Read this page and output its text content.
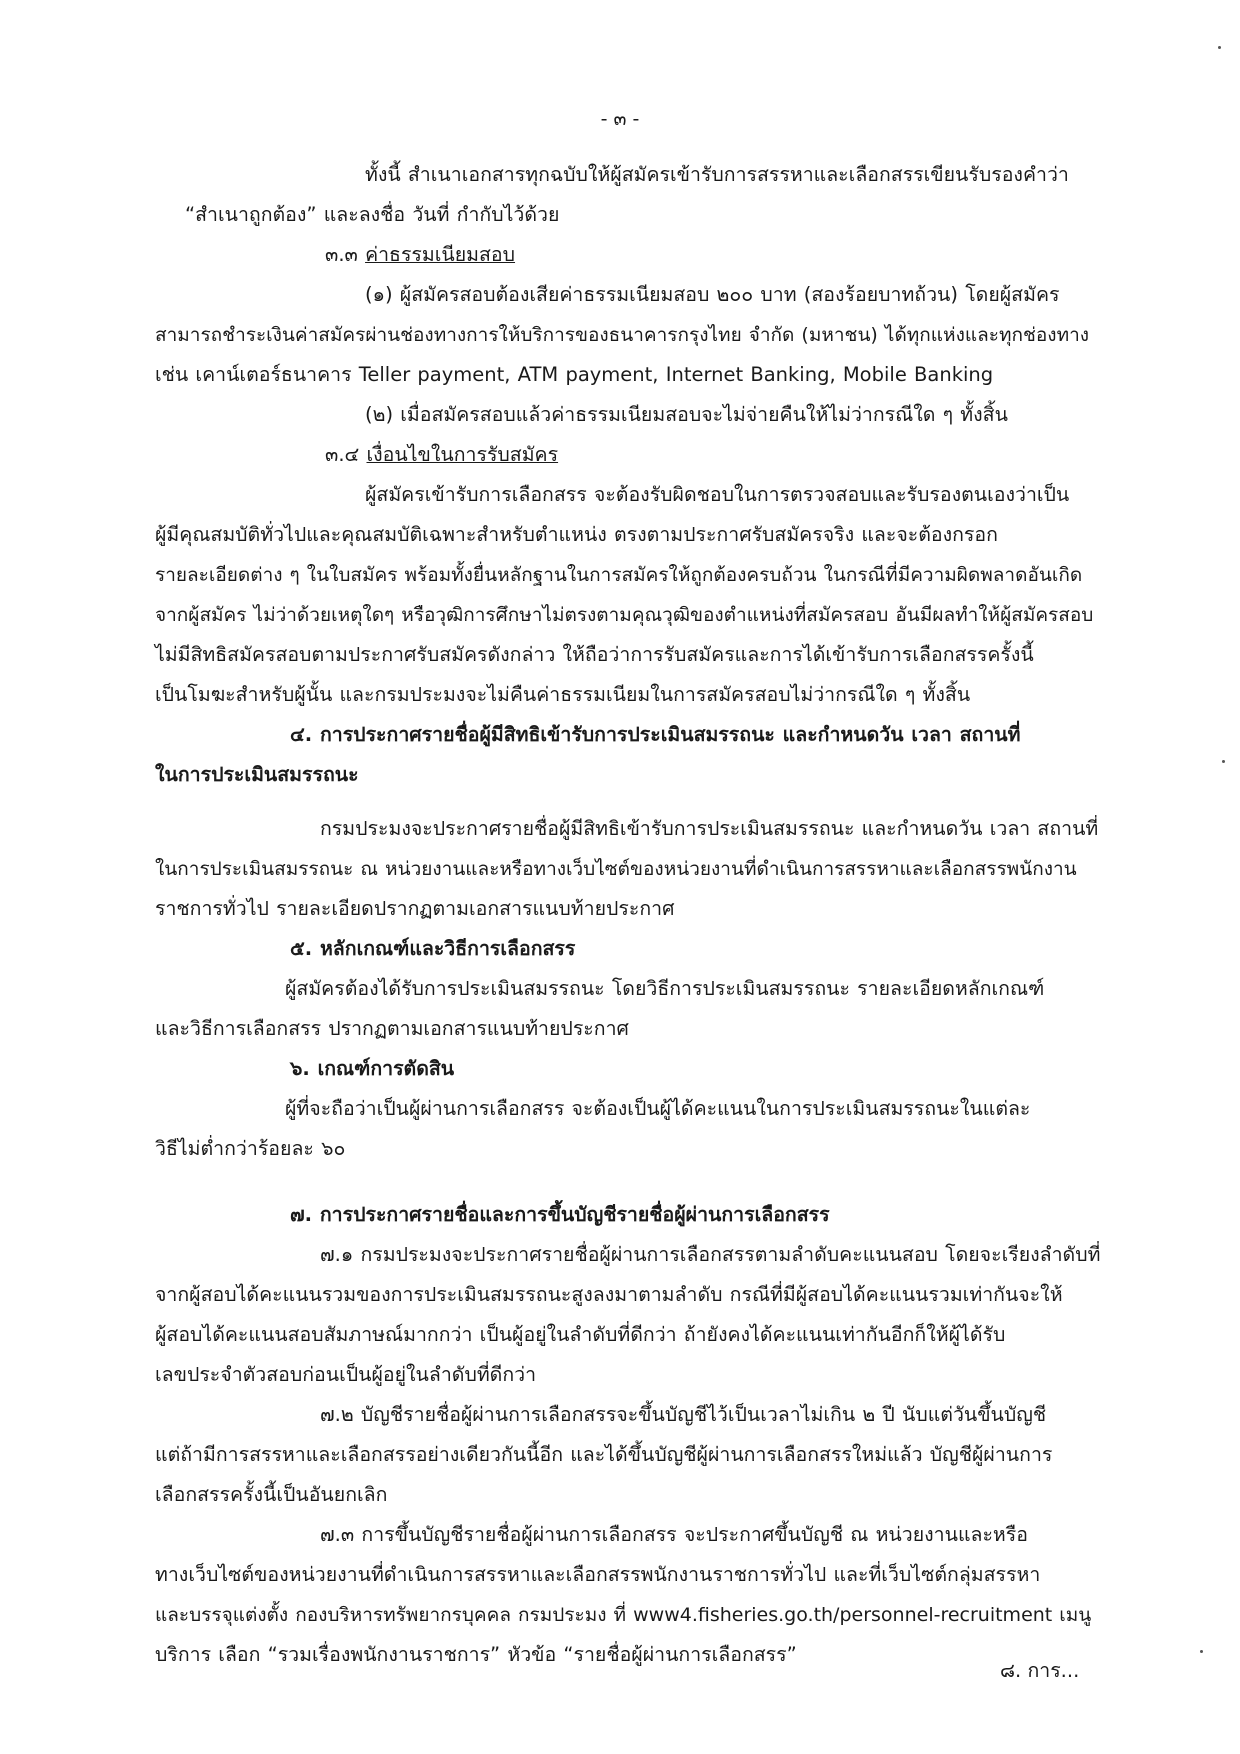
- ๓ -
ทั้งนี้ สำเนาเอกสารทุกฉบับให้ผู้สมัครเข้ารับการสรรหาและเลือกสรรเขียนรับรองคำว่า
“สำเนาถูกต้อง” และลงชื่อ วันที่ กำกับไว้ด้วย
๓.๓ ค่าธรรมเนียมสอบ
(๑) ผู้สมัครสอบต้องเสียค่าธรรมเนียมสอบ ๒๐๐ บาท (สองร้อยบาทถ้วน) โดยผู้สมัคร
สามารถชำระเงินค่าสมัครผ่านช่องทางการให้บริการของธนาคารกรุงไทย จำกัด (มหาชน) ได้ทุกแห่งและทุกช่องทาง
เช่น เคาน์เตอร์ธนาคาร Teller payment, ATM payment, Internet Banking, Mobile Banking
(๒) เมื่อสมัครสอบแล้วค่าธรรมเนียมสอบจะไม่จ่ายคืนให้ไม่ว่ากรณีใด ๆ ทั้งสิ้น
๓.๔ เงื่อนไขในการรับสมัคร
ผู้สมัครเข้ารับการเลือกสรร จะต้องรับผิดชอบในการตรวจสอบและรับรองตนเองว่าเป็น
ผู้มีคุณสมบัติทั่วไปและคุณสมบัติเฉพาะสำหรับตำแหน่ง ตรงตามประกาศรับสมัครจริง และจะต้องกรอก
รายละเอียดต่าง ๆ ในใบสมัคร พร้อมทั้งยื่นหลักฐานในการสมัครให้ถูกต้องครบถ้วน ในกรณีที่มีความผิดพลาดอันเกิด
จากผู้สมัคร ไม่ว่าด้วยเหตุใดๆ หรือวุฒิการศึกษาไม่ตรงตามคุณวุฒิของตำแหน่งที่สมัครสอบ อันมีผลทำให้ผู้สมัครสอบ
ไม่มีสิทธิสมัครสอบตามประกาศรับสมัครดังกล่าว ให้ถือว่าการรับสมัครและการได้เข้ารับการเลือกสรรครั้งนี้
เป็นโมฆะสำหรับผู้นั้น และกรมประมงจะไม่คืนค่าธรรมเนียมในการสมัครสอบไม่ว่ากรณีใด ๆ ทั้งสิ้น
๔. การประกาศรายชื่อผู้มีสิทธิเข้ารับการประเมินสมรรถนะ และกำหนดวัน เวลา สถานที่
ในการประเมินสมรรถนะ
กรมประมงจะประกาศรายชื่อผู้มีสิทธิเข้ารับการประเมินสมรรถนะ และกำหนดวัน เวลา สถานที่
ในการประเมินสมรรถนะ ณ หน่วยงานและหรือทางเว็บไซต์ของหน่วยงานที่ดำเนินการสรรหาและเลือกสรรพนักงาน
ราชการทั่วไป รายละเอียดปรากฏตามเอกสารแนบท้ายประกาศ
๕. หลักเกณฑ์และวิธีการเลือกสรร
ผู้สมัครต้องได้รับการประเมินสมรรถนะ โดยวิธีการประเมินสมรรถนะ รายละเอียดหลักเกณฑ์
และวิธีการเลือกสรร ปรากฏตามเอกสารแนบท้ายประกาศ
๖. เกณฑ์การตัดสิน
ผู้ที่จะถือว่าเป็นผู้ผ่านการเลือกสรร จะต้องเป็นผู้ได้คะแนนในการประเมินสมรรถนะในแต่ละ
วิธีไม่ต่ำกว่าร้อยละ ๖๐
๗. การประกาศรายชื่อและการขึ้นบัญชีรายชื่อผู้ผ่านการเลือกสรร
๗.๑ กรมประมงจะประกาศรายชื่อผู้ผ่านการเลือกสรรตามลำดับคะแนนสอบ โดยจะเรียงลำดับที่
จากผู้สอบได้คะแนนรวมของการประเมินสมรรถนะสูงลงมาตามลำดับ กรณีที่มีผู้สอบได้คะแนนรวมเท่ากันจะให้
ผู้สอบได้คะแนนสอบสัมภาษณ์มากกว่า เป็นผู้อยู่ในลำดับที่ดีกว่า ถ้ายังคงได้คะแนนเท่ากันอีกก็ให้ผู้ได้รับ
เลขประจำตัวสอบก่อนเป็นผู้อยู่ในลำดับที่ดีกว่า
๗.๒ บัญชีรายชื่อผู้ผ่านการเลือกสรรจะขึ้นบัญชีไว้เป็นเวลาไม่เกิน ๒ ปี นับแต่วันขึ้นบัญชี
แต่ถ้ามีการสรรหาและเลือกสรรอย่างเดียวกันนี้อีก และได้ขึ้นบัญชีผู้ผ่านการเลือกสรรใหม่แล้ว บัญชีผู้ผ่านการ
เลือกสรรครั้งนี้เป็นอันยกเลิก
๗.๓ การขึ้นบัญชีรายชื่อผู้ผ่านการเลือกสรร จะประกาศขึ้นบัญชี ณ หน่วยงานและหรือ
ทางเว็บไซต์ของหน่วยงานที่ดำเนินการสรรหาและเลือกสรรพนักงานราชการทั่วไป และที่เว็บไซต์กลุ่มสรรหา
และบรรจุแต่งตั้ง กองบริหารทรัพยากรบุคคล กรมประมง ที่ www4.fisheries.go.th/personnel-recruitment เมนู
บริการ เลือก “รวมเรื่องพนักงานราชการ” หัวข้อ “รายชื่อผู้ผ่านการเลือกสรร”
๘. การ...
